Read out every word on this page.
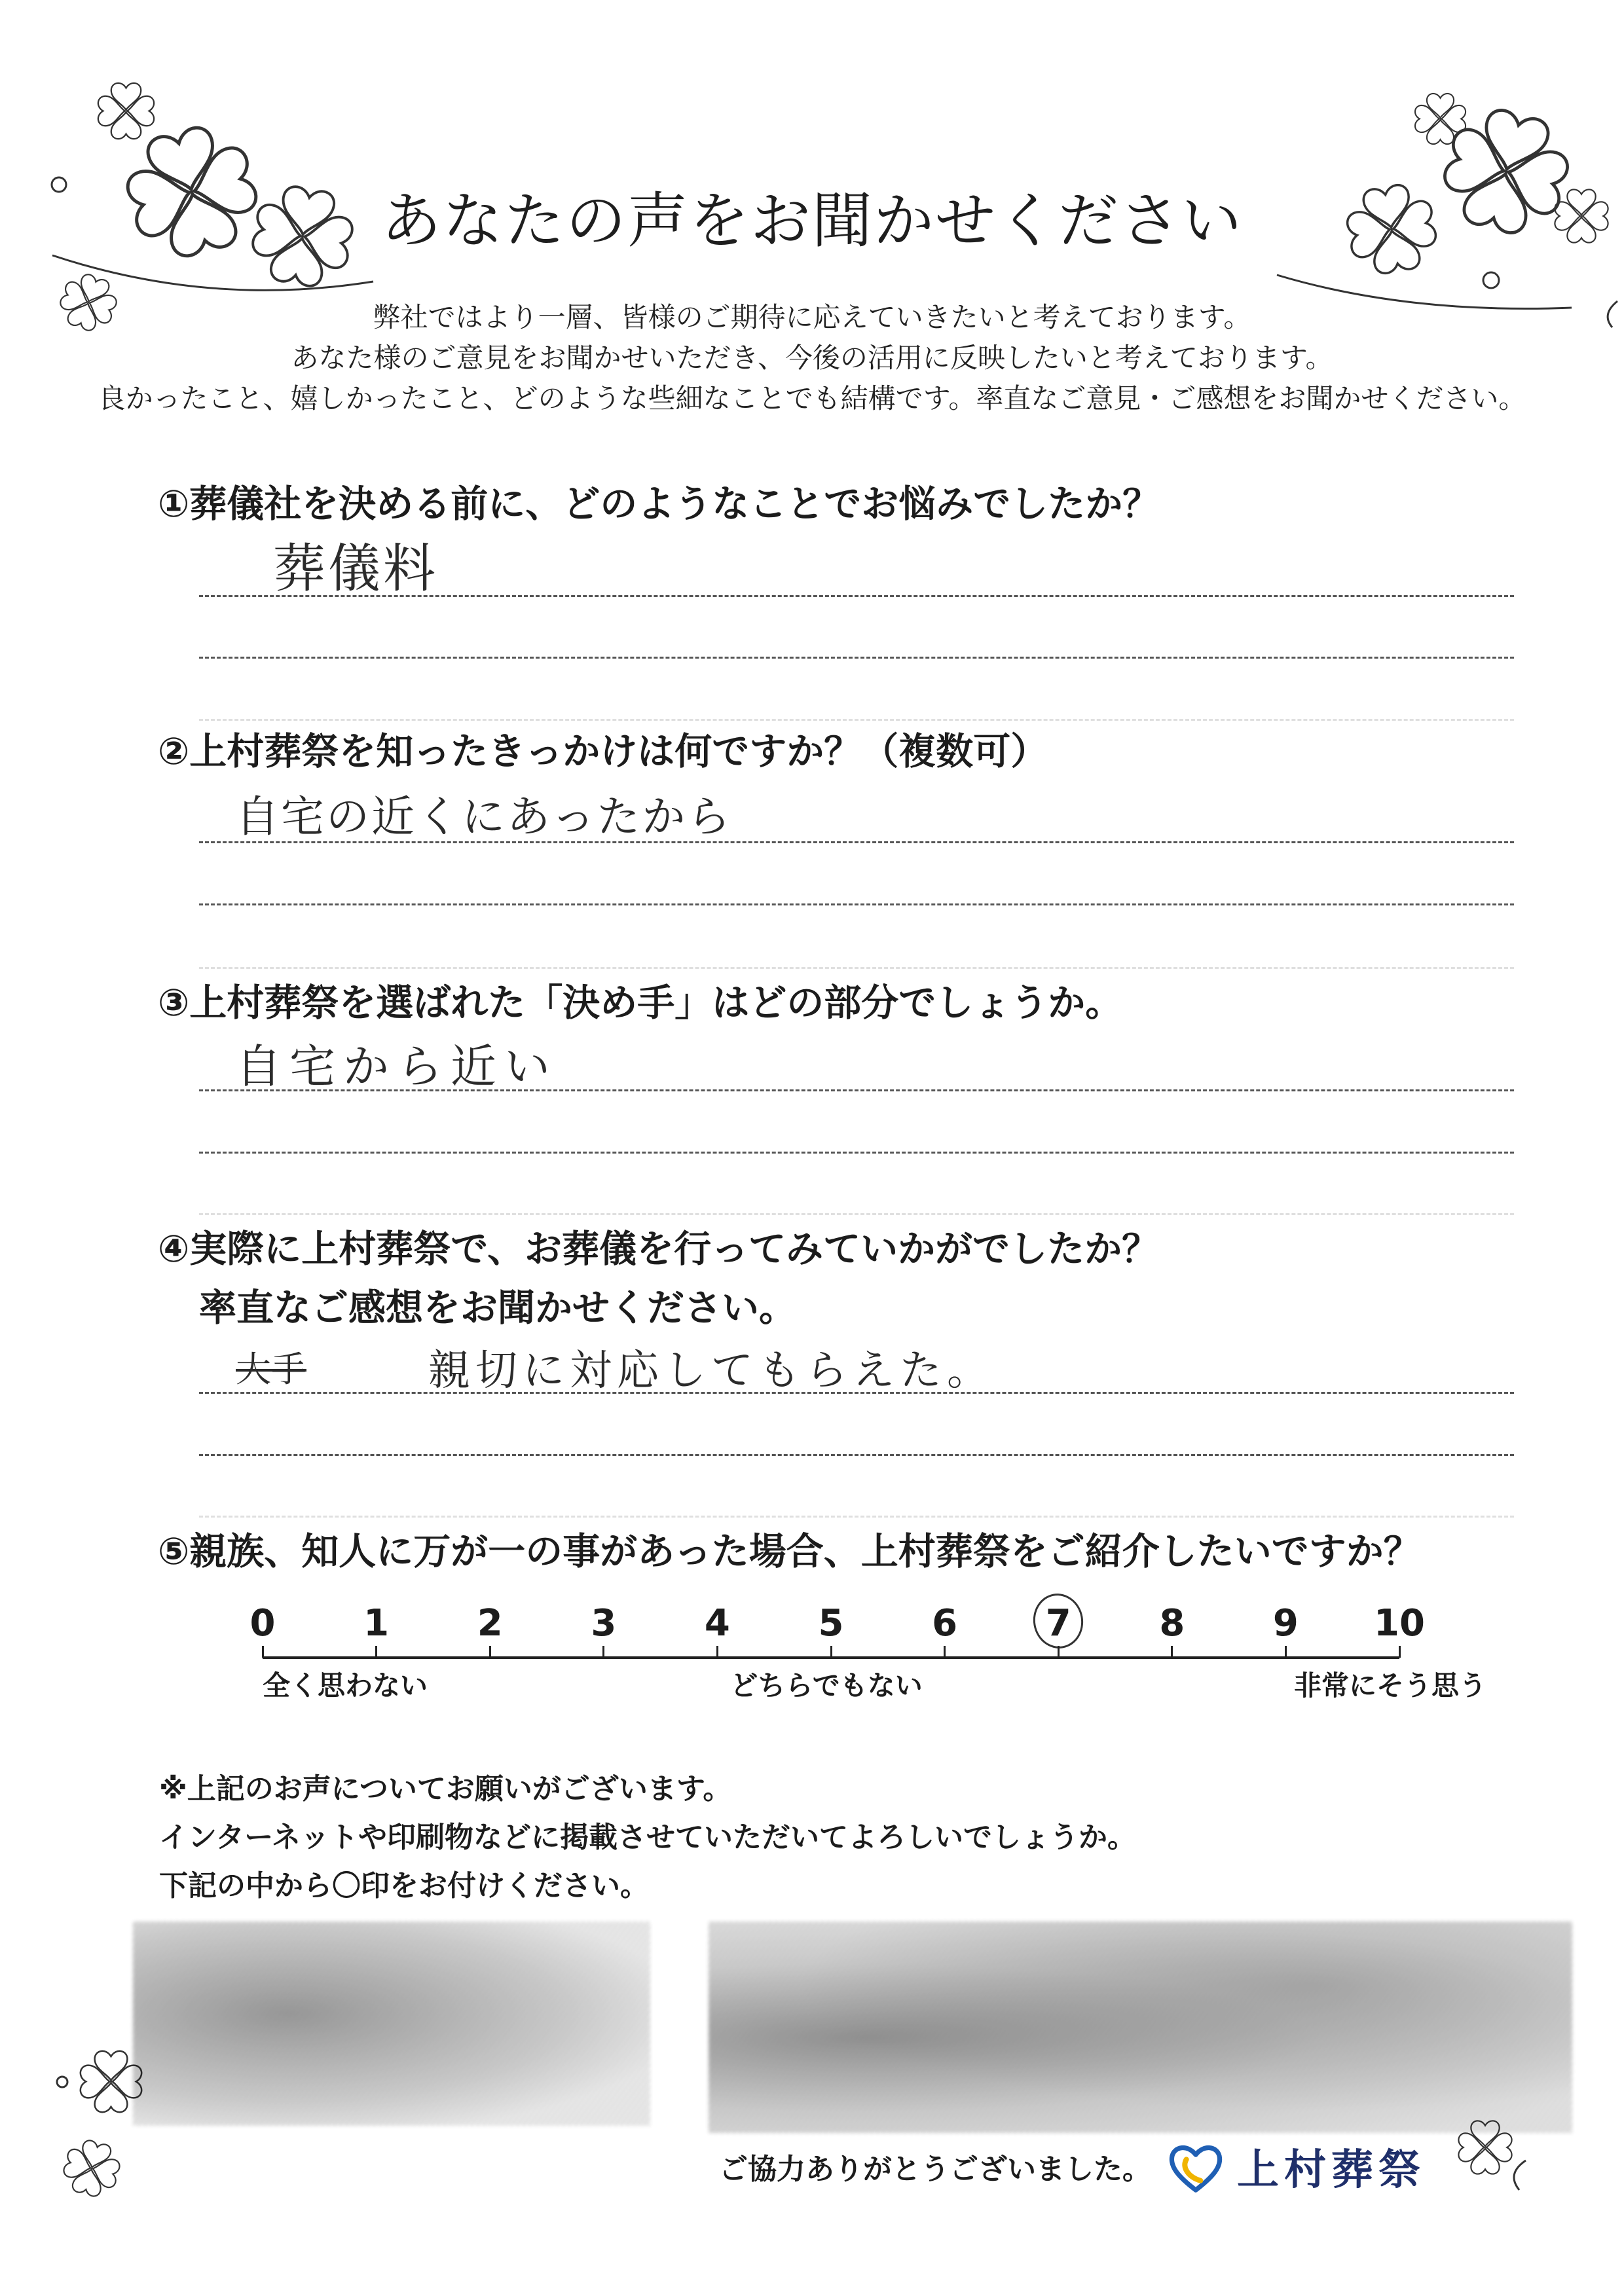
あなたの声をお聞かせください
弊社ではより一層、皆様のご期待に応えていきたいと考えております。
あなた様のご意見をお聞かせいただき、今後の活用に反映したいと考えております。
良かったこと、嬉しかったこと、どのような些細なことでも結構です。率直なご意見・ご感想をお聞かせください。
①葬儀社を決める前に、どのようなことでお悩みでしたか？
葬儀料
②上村葬祭を知ったきっかけは何ですか？（複数可）
自宅の近くにあったから
③上村葬祭を選ばれた「決め手」はどの部分でしょうか。
自宅から近い
④実際に上村葬祭で、お葬儀を行ってみていかがでしたか？
率直なご感想をお聞かせください。
大手	親切に対応してもらえた。
⑤親族、知人に万が一の事があった場合、上村葬祭をご紹介したいですか？
0	1	2	3	4	5	6	7	8	9	10
全く思わない	どちらでもない	非常にそう思う
※上記のお声についてお願いがございます。
インターネットや印刷物などに掲載させていただいてよろしいでしょうか。
下記の中から〇印をお付けください。
ご協力ありがとうございました。 上村葬祭
